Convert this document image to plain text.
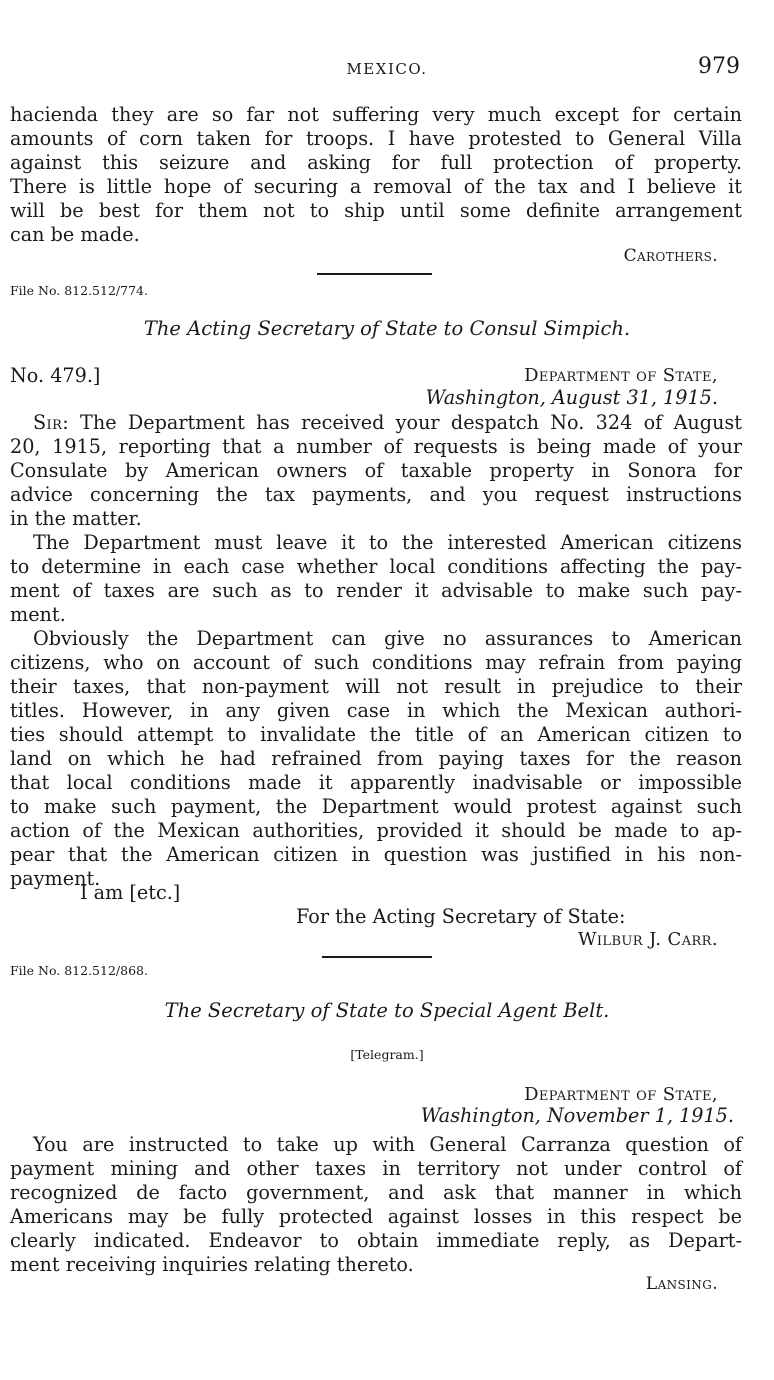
MEXICO.	979
hacienda they are so far not suffering very much except for certain
amounts of corn taken for troops. I have protested to General Villa
against this seizure and asking for full protection of property.
There is little hope of securing a removal of the tax and I believe it
will be best for them not to ship until some definite arrangement
can be made.
Carothers.
File No. 812.512/774.
The Acting Secretary of State to Consul Simpich.
No. 479.]	Department of State,
Washington, August 31, 1915.
Sir: The Department has received your despatch No. 324 of August
20, 1915, reporting that a number of requests is being made of your
Consulate by American owners of taxable property in Sonora for
advice concerning the tax payments, and you request instructions
in the matter.
The Department must leave it to the interested American citizens
to determine in each case whether local conditions affecting the pay-
ment of taxes are such as to render it advisable to make such pay-
ment.
Obviously the Department can give no assurances to American
citizens, who on account of such conditions may refrain from paying
their taxes, that non-payment will not result in prejudice to their
titles. However, in any given case in which the Mexican authori-
ties should attempt to invalidate the title of an American citizen to
land on which he had refrained from paying taxes for the reason
that local conditions made it apparently inadvisable or impossible
to make such payment, the Department would protest against such
action of the Mexican authorities, provided it should be made to ap-
pear that the American citizen in question was justified in his non-
payment.
I am [etc.]
For the Acting Secretary of State:
Wilbur J. Carr.
File No. 812.512/868.
The Secretary of State to Special Agent Belt.
[Telegram.]
Department of State,
Washington, November 1, 1915.
You are instructed to take up with General Carranza question of
payment mining and other taxes in territory not under control of
recognized de facto government, and ask that manner in which
Americans may be fully protected against losses in this respect be
clearly indicated. Endeavor to obtain immediate reply, as Depart-
ment receiving inquiries relating thereto.
Lansing.
